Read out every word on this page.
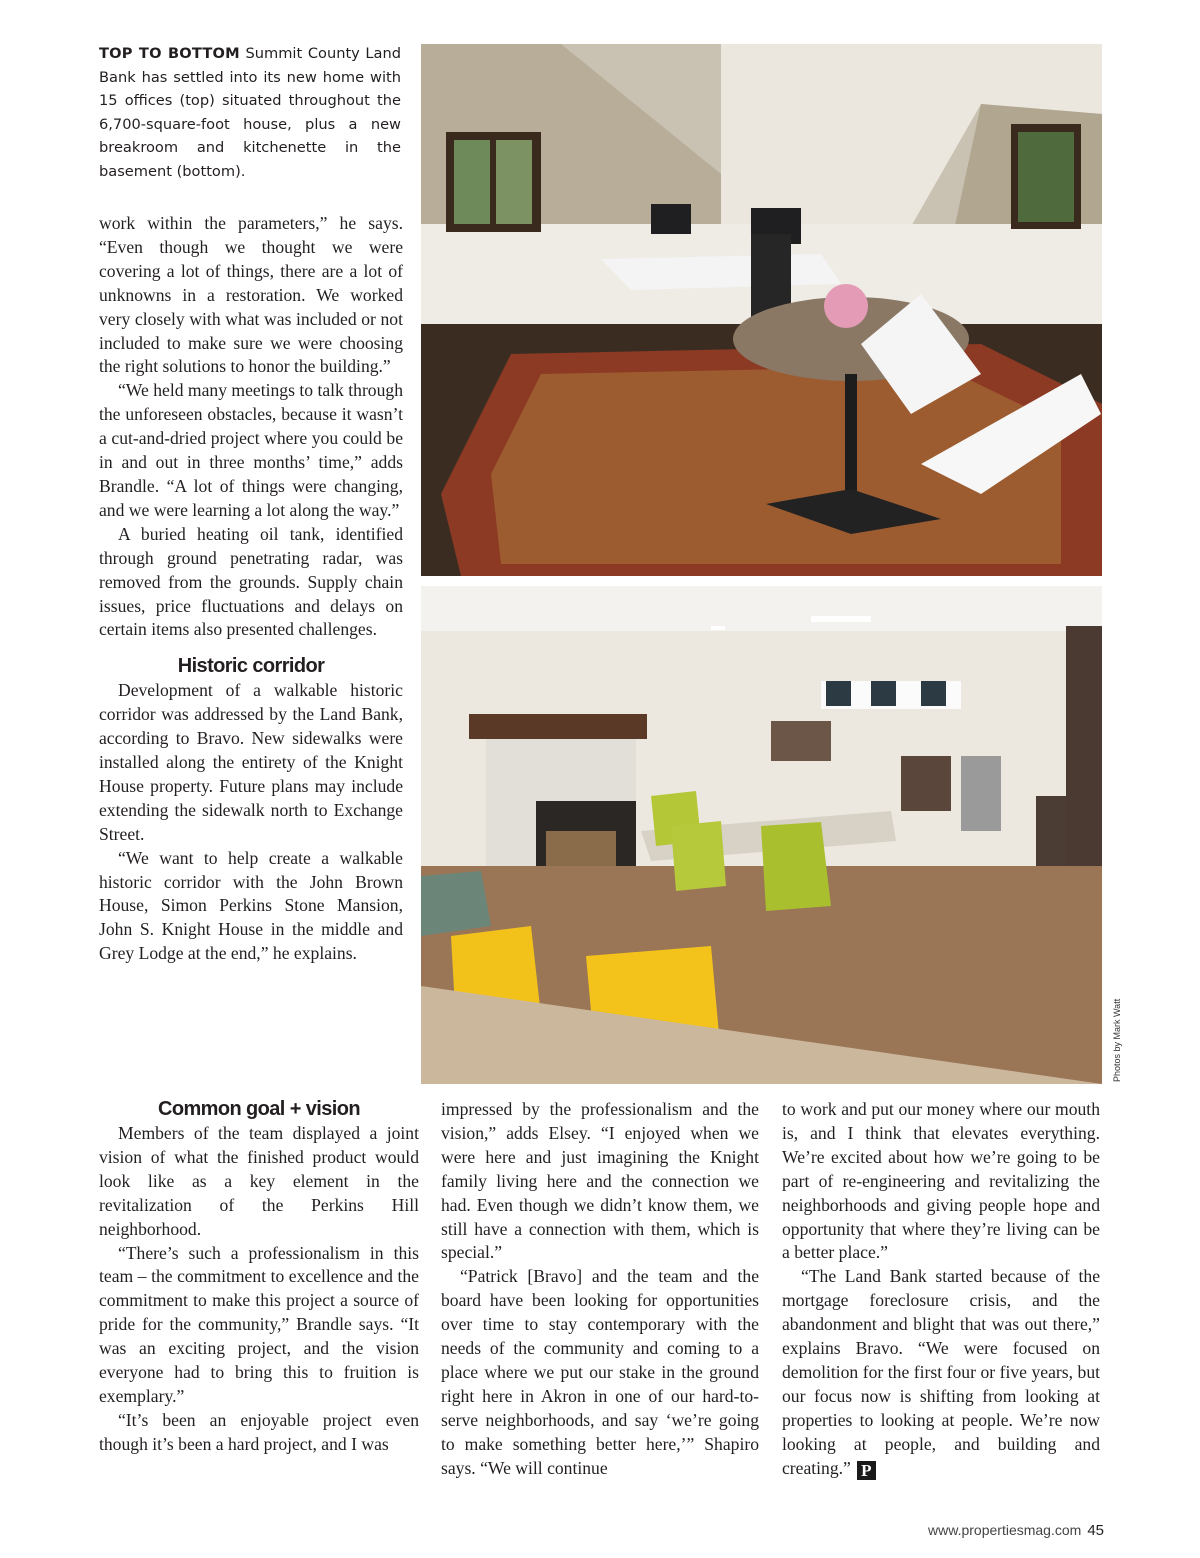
TOP TO BOTTOM Summit County Land Bank has settled into its new home with 15 offices (top) situated throughout the 6,700-square-foot house, plus a new breakroom and kitchenette in the basement (bottom).

work within the parameters,” he says. “Even though we thought we were covering a lot of things, there are a lot of unknowns in a restoration. We worked very closely with what was included or not included to make sure we were choosing the right solutions to honor the building.”

“We held many meetings to talk through the unforeseen obstacles, because it wasn’t a cut-and-dried project where you could be in and out in three months’ time,” adds Brandle. “A lot of things were changing, and we were learning a lot along the way.”

A buried heating oil tank, identified through ground penetrating radar, was removed from the grounds. Supply chain issues, price fluctuations and delays on certain items also presented challenges.

Historic corridor

Development of a walkable historic corridor was addressed by the Land Bank, according to Bravo. New sidewalks were installed along the entirety of the Knight House property. Future plans may include extending the sidewalk north to Exchange Street.

“We want to help create a walkable historic corridor with the John Brown House, Simon Perkins Stone Mansion, John S. Knight House in the middle and Grey Lodge at the end,” he explains.

Photos by Mark Watt
Common goal + vision

Members of the team displayed a joint vision of what the finished product would look like as a key element in the revitalization of the Perkins Hill neighborhood.

“There’s such a professionalism in this team – the commitment to excellence and the commitment to make this project a source of pride for the community,” Brandle says. “It was an exciting project, and the vision everyone had to bring this to fruition is exemplary.”

“It’s been an enjoyable project even though it’s been a hard project, and I was

impressed by the professionalism and the vision,” adds Elsey. “I enjoyed when we were here and just imagining the Knight family living here and the connection we had. Even though we didn’t know them, we still have a connection with them, which is special.”

“Patrick [Bravo] and the team and the board have been looking for opportunities over time to stay contemporary with the needs of the community and coming to a place where we put our stake in the ground right here in Akron in one of our hard-to-serve neighborhoods, and say ‘we’re going to make something better here,’” Shapiro says. “We will continue

to work and put our money where our mouth is, and I think that elevates everything. We’re excited about how we’re going to be part of re-engineering and revitalizing the neighborhoods and giving people hope and opportunity that where they’re living can be a better place.”

“The Land Bank started because of the mortgage foreclosure crisis, and the abandonment and blight that was out there,” explains Bravo. “We were focused on demolition for the first four or five years, but our focus now is shifting from looking at properties to looking at people. We’re now looking at people, and building and creating.” P

www.propertiesmag.com 45
